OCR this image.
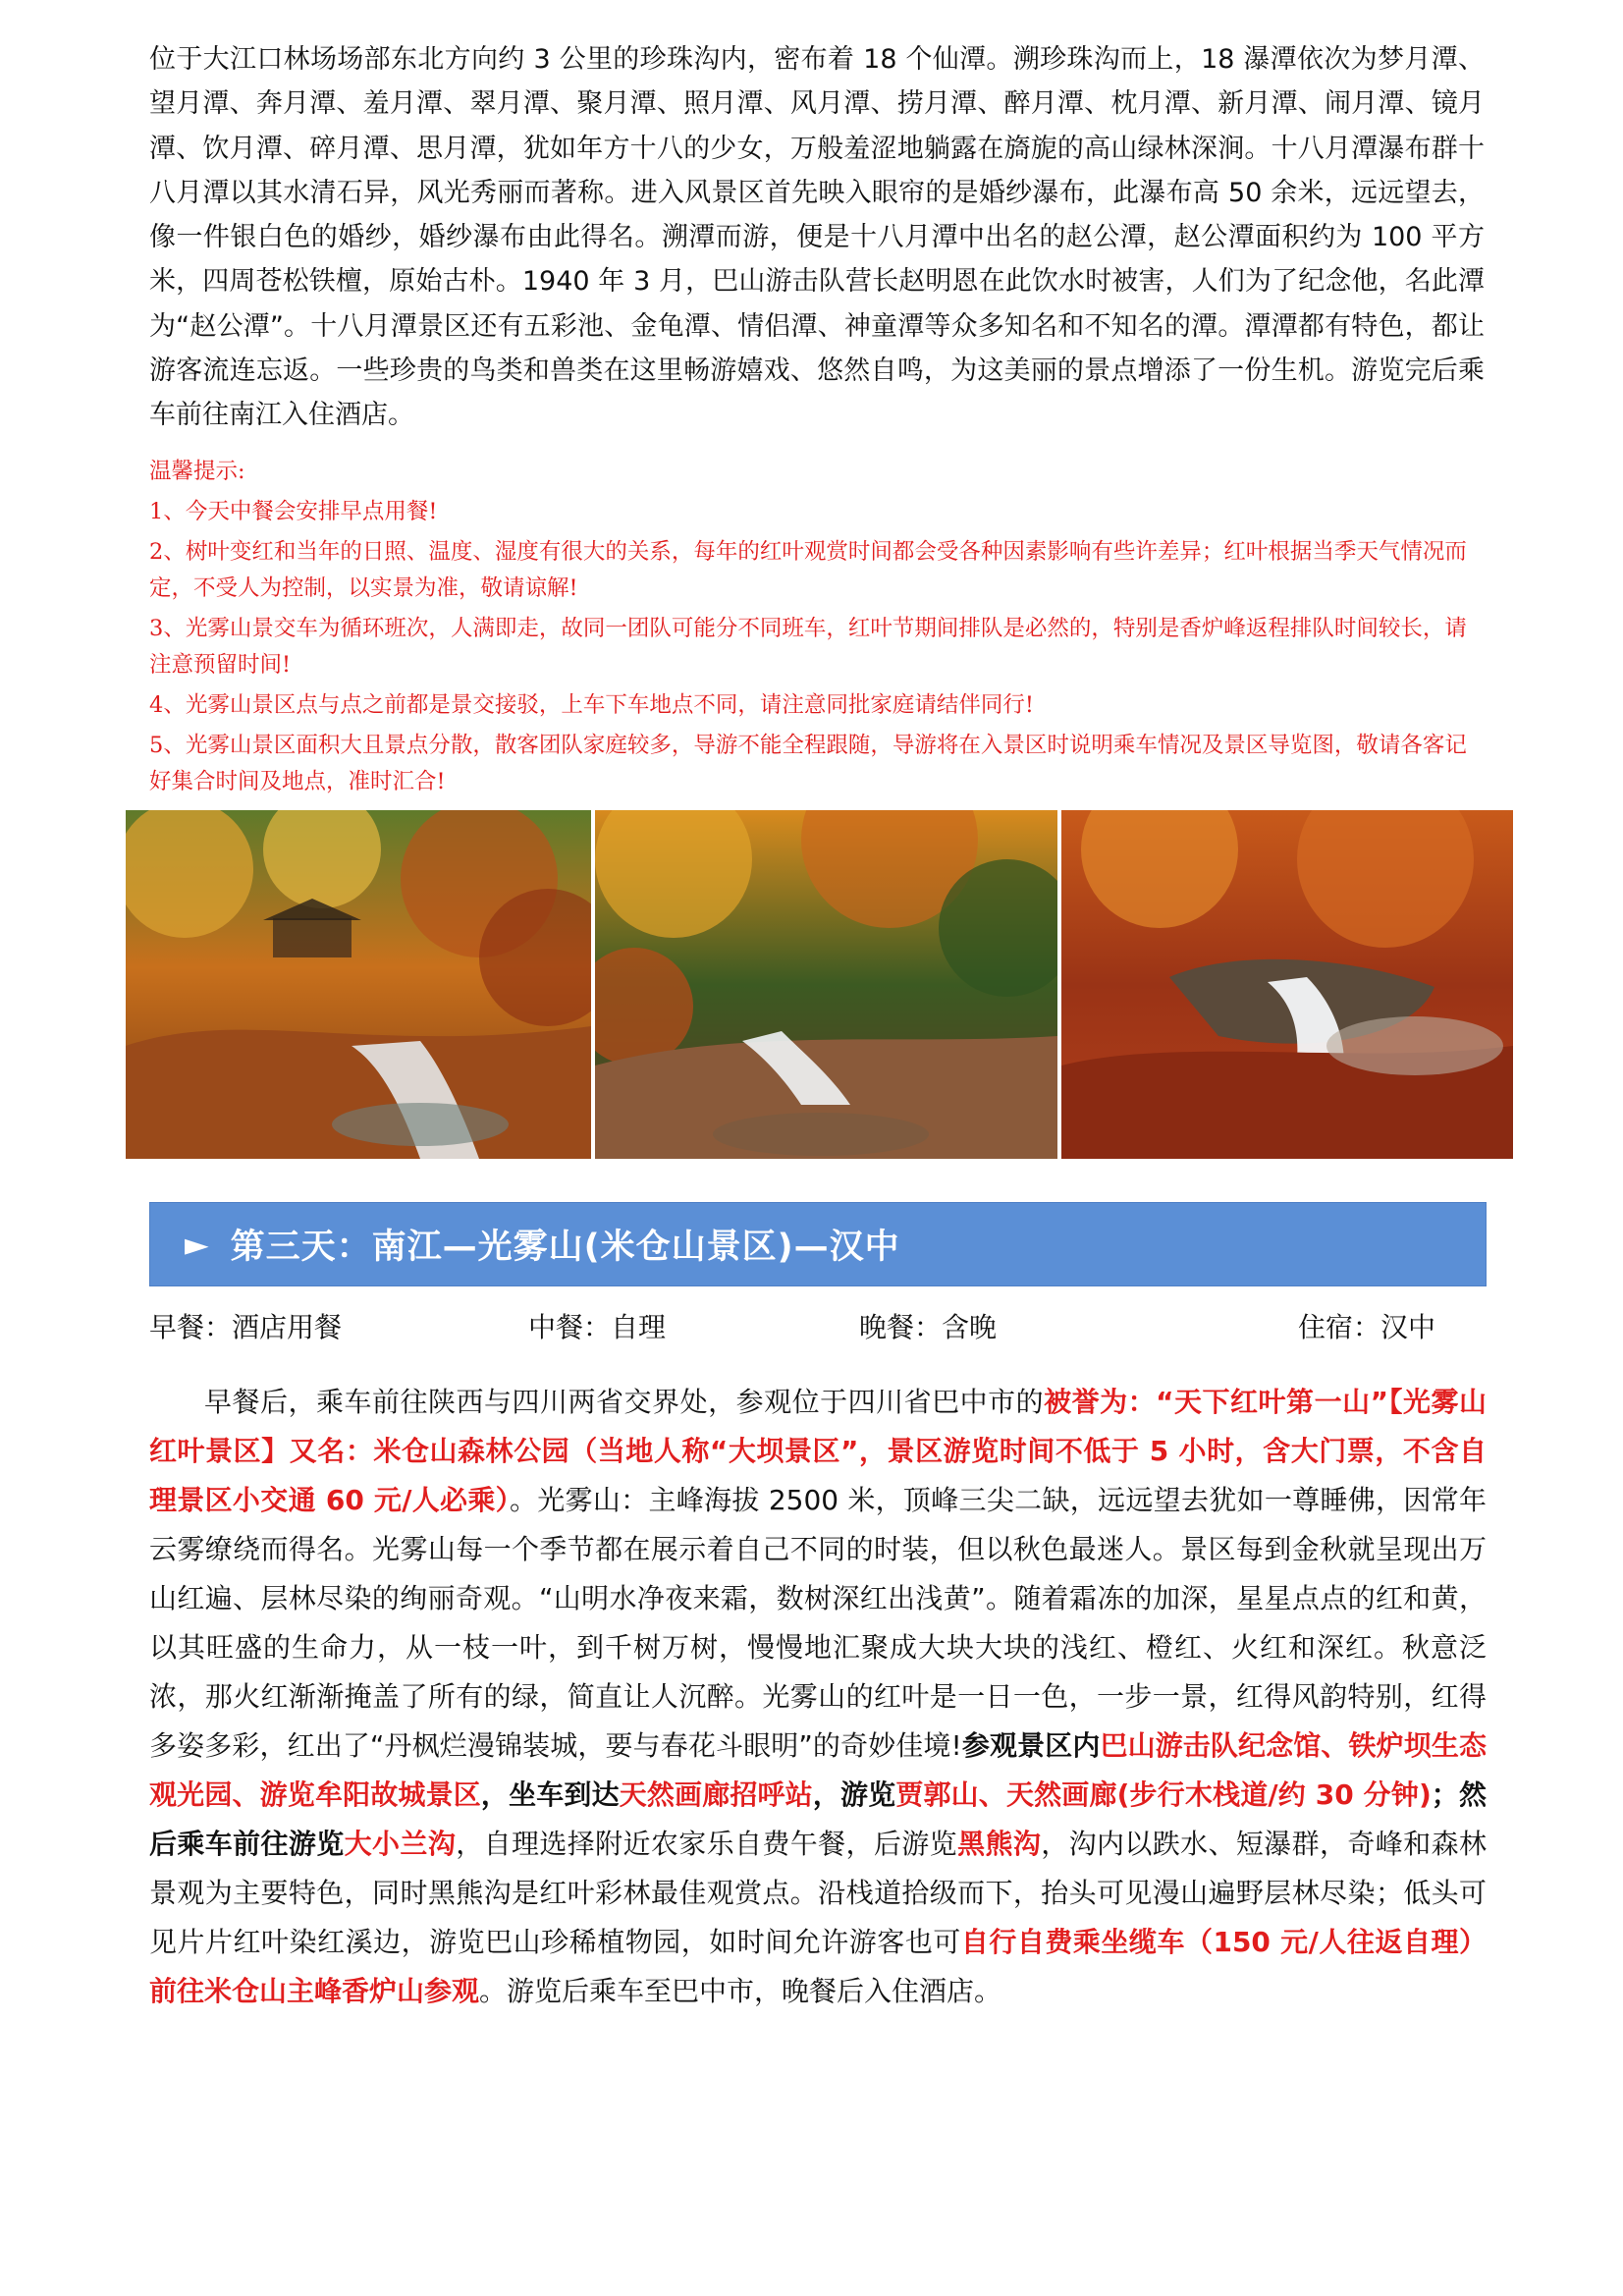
位于大江口林场场部东北方向约 3 公里的珍珠沟内，密布着 18 个仙潭。溯珍珠沟而上，18 瀑潭依次为梦月潭、望月潭、奔月潭、羞月潭、翠月潭、聚月潭、照月潭、风月潭、捞月潭、醉月潭、枕月潭、新月潭、闹月潭、镜月潭、饮月潭、碎月潭、思月潭，犹如年方十八的少女，万般羞涩地躺露在旖旎的高山绿林深涧。十八月潭瀑布群十八月潭以其水清石异，风光秀丽而著称。进入风景区首先映入眼帘的是婚纱瀑布，此瀑布高 50 余米，远远望去，像一件银白色的婚纱，婚纱瀑布由此得名。溯潭而游，便是十八月潭中出名的赵公潭，赵公潭面积约为 100 平方米，四周苍松铁檀，原始古朴。1940 年 3 月，巴山游击队营长赵明恩在此饮水时被害，人们为了纪念他，名此潭为“赵公潭”。十八月潭景区还有五彩池、金龟潭、情侣潭、神童潭等众多知名和不知名的潭。潭潭都有特色，都让游客流连忘返。一些珍贵的鸟类和兽类在这里畅游嬉戏、悠然自鸣，为这美丽的景点增添了一份生机。游览完后乘车前往南江入住酒店。

温馨提示:
1、今天中餐会安排早点用餐!
2、树叶变红和当年的日照、温度、湿度有很大的关系，每年的红叶观赏时间都会受各种因素影响有些许差异；红叶根据当季天气情况而定，不受人为控制，以实景为准，敬请谅解!
3、光雾山景交车为循环班次，人满即走，故同一团队可能分不同班车，红叶节期间排队是必然的，特别是香炉峰返程排队时间较长，请注意预留时间!
4、光雾山景区点与点之前都是景交接驳，上车下车地点不同，请注意同批家庭请结伴同行!
5、光雾山景区面积大且景点分散，散客团队家庭较多，导游不能全程跟随，导游将在入景区时说明乘车情况及景区导览图，敬请各客记好集合时间及地点，准时汇合!
► 第三天：南江—光雾山(米仓山景区)—汉中
早餐：酒店用餐	中餐：自理	晚餐：含晚	住宿：汉中

早餐后，乘车前往陕西与四川两省交界处，参观位于四川省巴中市的被誉为：“天下红叶第一山”【光雾山红叶景区】又名：米仓山森林公园（当地人称“大坝景区”，景区游览时间不低于 5 小时，含大门票，不含自理景区小交通 60 元/人必乘）。光雾山：主峰海拔 2500 米，顶峰三尖二缺，远远望去犹如一尊睡佛，因常年云雾缭绕而得名。光雾山每一个季节都在展示着自己不同的时装，但以秋色最迷人。景区每到金秋就呈现出万山红遍、层林尽染的绚丽奇观。“山明水净夜来霜，数树深红出浅黄”。随着霜冻的加深，星星点点的红和黄，以其旺盛的生命力，从一枝一叶，到千树万树，慢慢地汇聚成大块大块的浅红、橙红、火红和深红。秋意泛浓，那火红渐渐掩盖了所有的绿，简直让人沉醉。光雾山的红叶是一日一色，一步一景，红得风韵特别，红得多姿多彩，红出了“丹枫烂漫锦装城，要与春花斗眼明”的奇妙佳境!参观景区内巴山游击队纪念馆、铁炉坝生态观光园、游览牟阳故城景区，坐车到达天然画廊招呼站，游览贾郭山、天然画廊(步行木栈道/约 30 分钟)；然后乘车前往游览大小兰沟，自理选择附近农家乐自费午餐，后游览黑熊沟，沟内以跌水、短瀑群，奇峰和森林景观为主要特色，同时黑熊沟是红叶彩林最佳观赏点。沿栈道拾级而下，抬头可见漫山遍野层林尽染；低头可见片片红叶染红溪边，游览巴山珍稀植物园，如时间允许游客也可自行自费乘坐缆车（150 元/人往返自理）前往米仓山主峰香炉山参观。游览后乘车至巴中市，晚餐后入住酒店。
